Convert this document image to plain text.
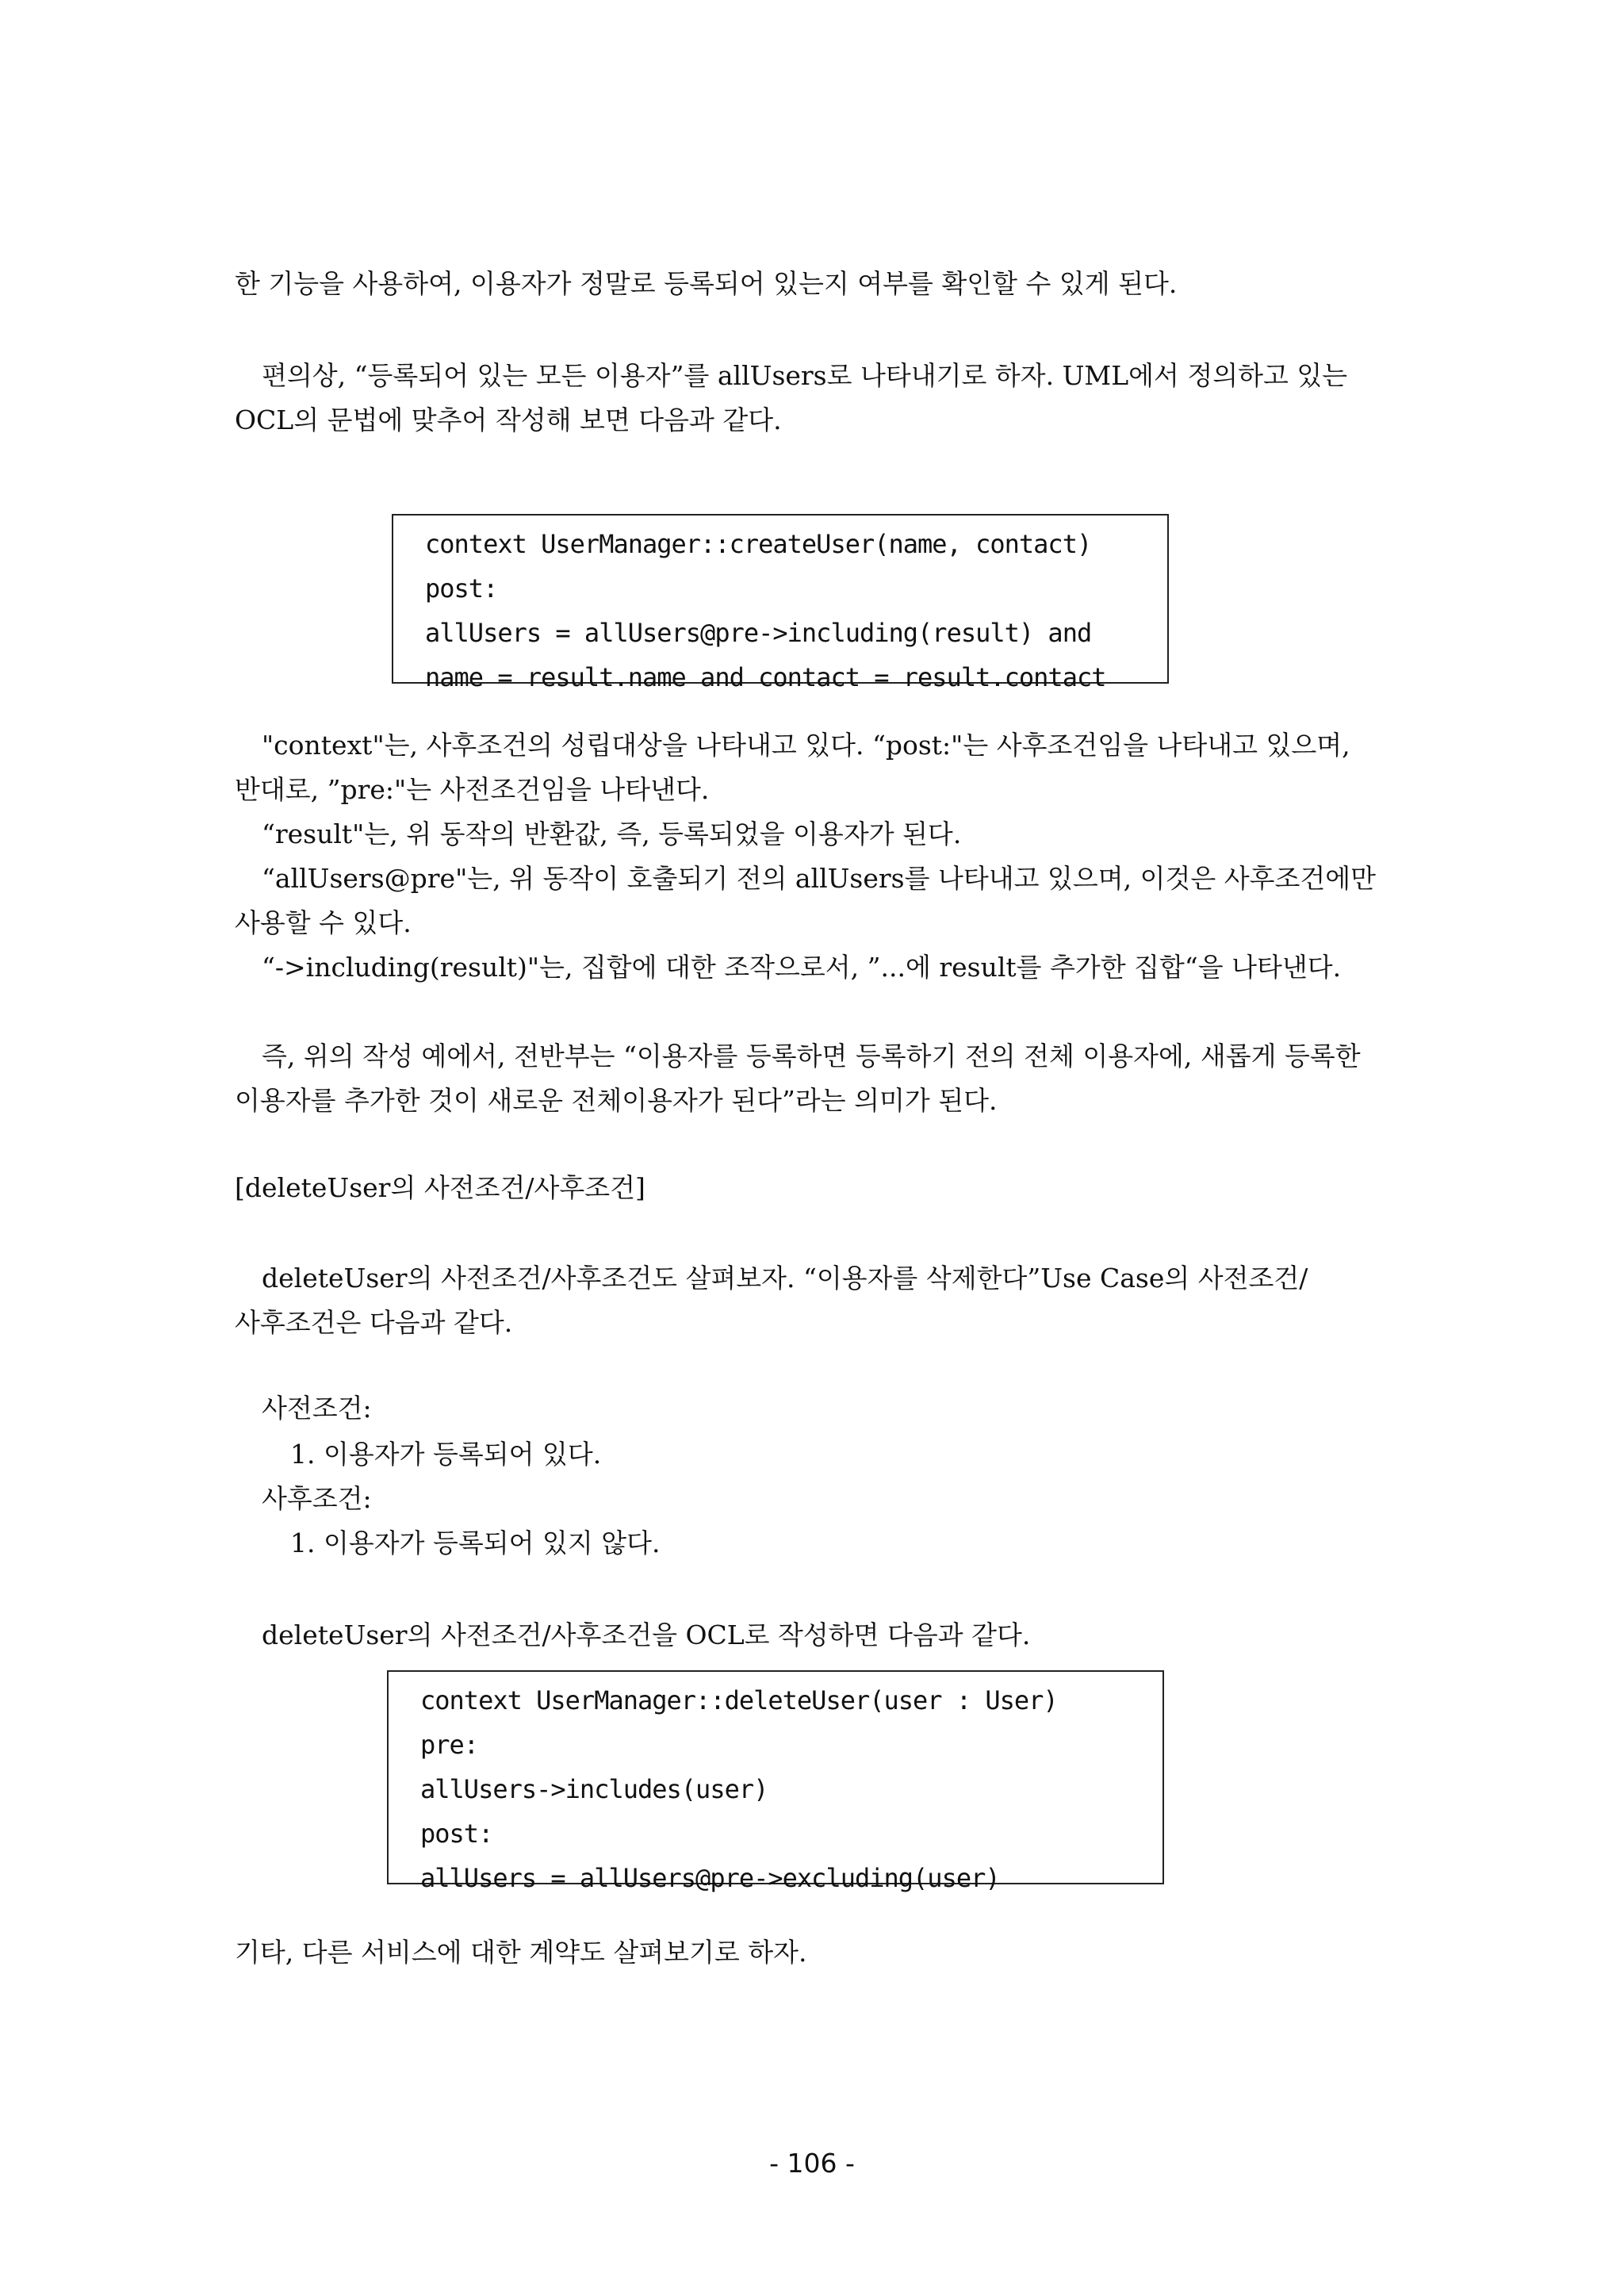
한 기능을 사용하여, 이용자가 정말로 등록되어 있는지 여부를 확인할 수 있게 된다.

편의상, “등록되어 있는 모든 이용자”를 allUsers로 나타내기로 하자. UML에서 정의하고 있는 OCL의 문법에 맞추어 작성해 보면 다음과 같다.

context UserManager::createUser(name, contact)
post:
allUsers = allUsers@pre->including(result) and
name = result.name and contact = result.contact

"context"는, 사후조건의 성립대상을 나타내고 있다. “post:"는 사후조건임을 나타내고 있으며, 반대로, ”pre:"는 사전조건임을 나타낸다.

“result"는, 위 동작의 반환값, 즉, 등록되었을 이용자가 된다.

“allUsers@pre"는, 위 동작이 호출되기 전의 allUsers를 나타내고 있으며, 이것은 사후조건에만 사용할 수 있다.

“->including(result)"는, 집합에 대한 조작으로서, ”...에 result를 추가한 집합“을 나타낸다.

즉, 위의 작성 예에서, 전반부는 “이용자를 등록하면 등록하기 전의 전체 이용자에, 새롭게 등록한 이용자를 추가한 것이 새로운 전체이용자가 된다”라는 의미가 된다.

[deleteUser의 사전조건/사후조건]

deleteUser의 사전조건/사후조건도 살펴보자. “이용자를 삭제한다”Use Case의 사전조건/사후조건은 다음과 같다.

사전조건:

1. 이용자가 등록되어 있다.

사후조건:

1. 이용자가 등록되어 있지 않다.

deleteUser의 사전조건/사후조건을 OCL로 작성하면 다음과 같다.

context UserManager::deleteUser(user : User)
pre:
allUsers->includes(user)
post:
allUsers = allUsers@pre->excluding(user)

기타, 다른 서비스에 대한 계약도 살펴보기로 하자.

- 106 -
